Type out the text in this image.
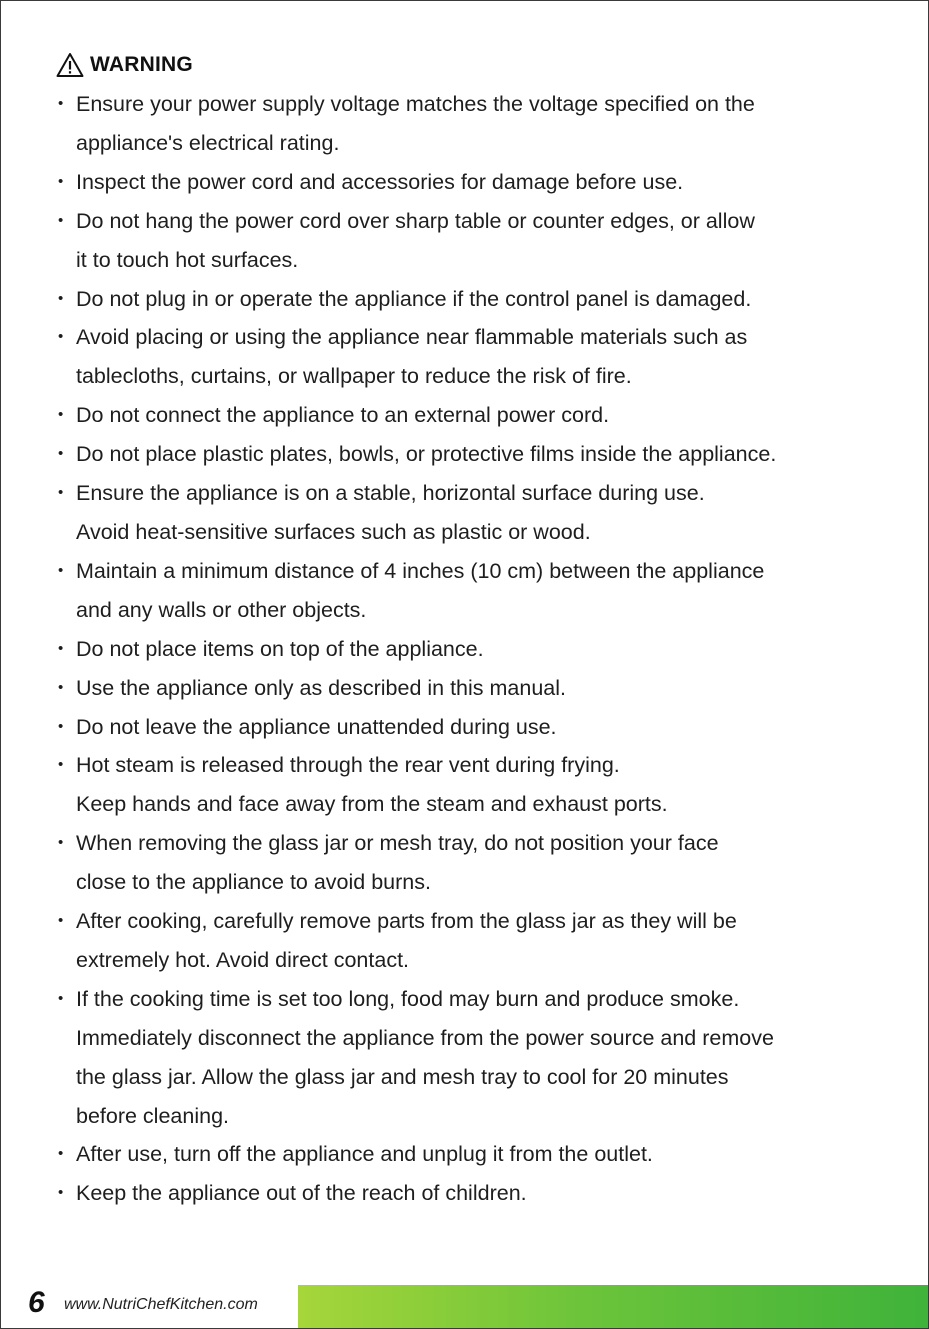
WARNING
• Ensure your power supply voltage matches the voltage specified on the
appliance's electrical rating.
• Inspect the power cord and accessories for damage before use.
• Do not hang the power cord over sharp table or counter edges, or allow
it to touch hot surfaces.
• Do not plug in or operate the appliance if the control panel is damaged.
• Avoid placing or using the appliance near flammable materials such as
tablecloths, curtains, or wallpaper to reduce the risk of fire.
• Do not connect the appliance to an external power cord.
• Do not place plastic plates, bowls, or protective films inside the appliance.
• Ensure the appliance is on a stable, horizontal surface during use.
Avoid heat-sensitive surfaces such as plastic or wood.
• Maintain a minimum distance of 4 inches (10 cm) between the appliance
and any walls or other objects.
• Do not place items on top of the appliance.
• Use the appliance only as described in this manual.
• Do not leave the appliance unattended during use.
• Hot steam is released through the rear vent during frying.
Keep hands and face away from the steam and exhaust ports.
• When removing the glass jar or mesh tray, do not position your face
close to the appliance to avoid burns.
• After cooking, carefully remove parts from the glass jar as they will be
extremely hot. Avoid direct contact.
• If the cooking time is set too long, food may burn and produce smoke.
Immediately disconnect the appliance from the power source and remove
the glass jar. Allow the glass jar and mesh tray to cool for 20 minutes
before cleaning.
• After use, turn off the appliance and unplug it from the outlet.
• Keep the appliance out of the reach of children.
6 www.NutriChefKitchen.com
